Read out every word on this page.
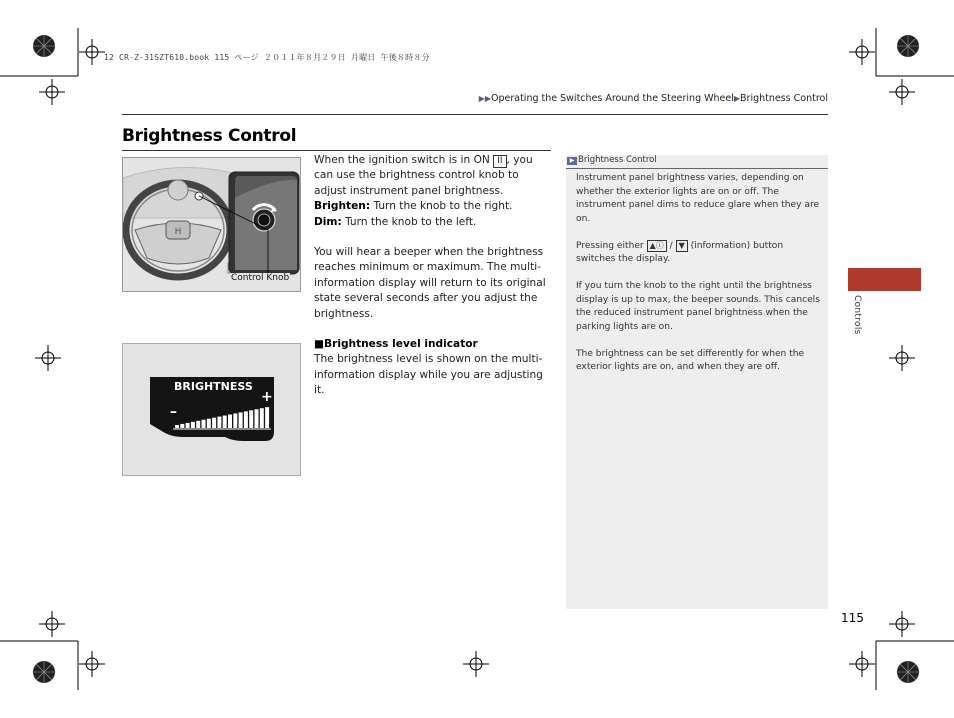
12 CR-Z-31SZT610.book 115 ページ ２０１１年８月２９日 月曜日 午後８時８分
▶▶Operating the Switches Around the Steering Wheel▶Brightness Control
Brightness Control
H
Control Knob
BRIGHTNESS
–
+

When the ignition switch is in ON II , you can use the brightness control knob to adjust instrument panel brightness.

Brighten: Turn the knob to the right.

Dim: Turn the knob to the left.

You will hear a beeper when the brightness reaches minimum or maximum. The multi-information display will return to its original state several seconds after you adjust the brightness.

■Brightness level indicator

The brightness level is shown on the multi-information display while you are adjusting it.

▶ Brightness Control

Instrument panel brightness varies, depending on whether the exterior lights are on or off. The instrument panel dims to reduce glare when they are on.

Pressing either ▲ⓘ / ▼ (information) button switches the display.

If you turn the knob to the right until the brightness display is up to max, the beeper sounds. This cancels the reduced instrument panel brightness when the parking lights are on.

The brightness can be set differently for when the exterior lights are on, and when they are off.

Controls
115
